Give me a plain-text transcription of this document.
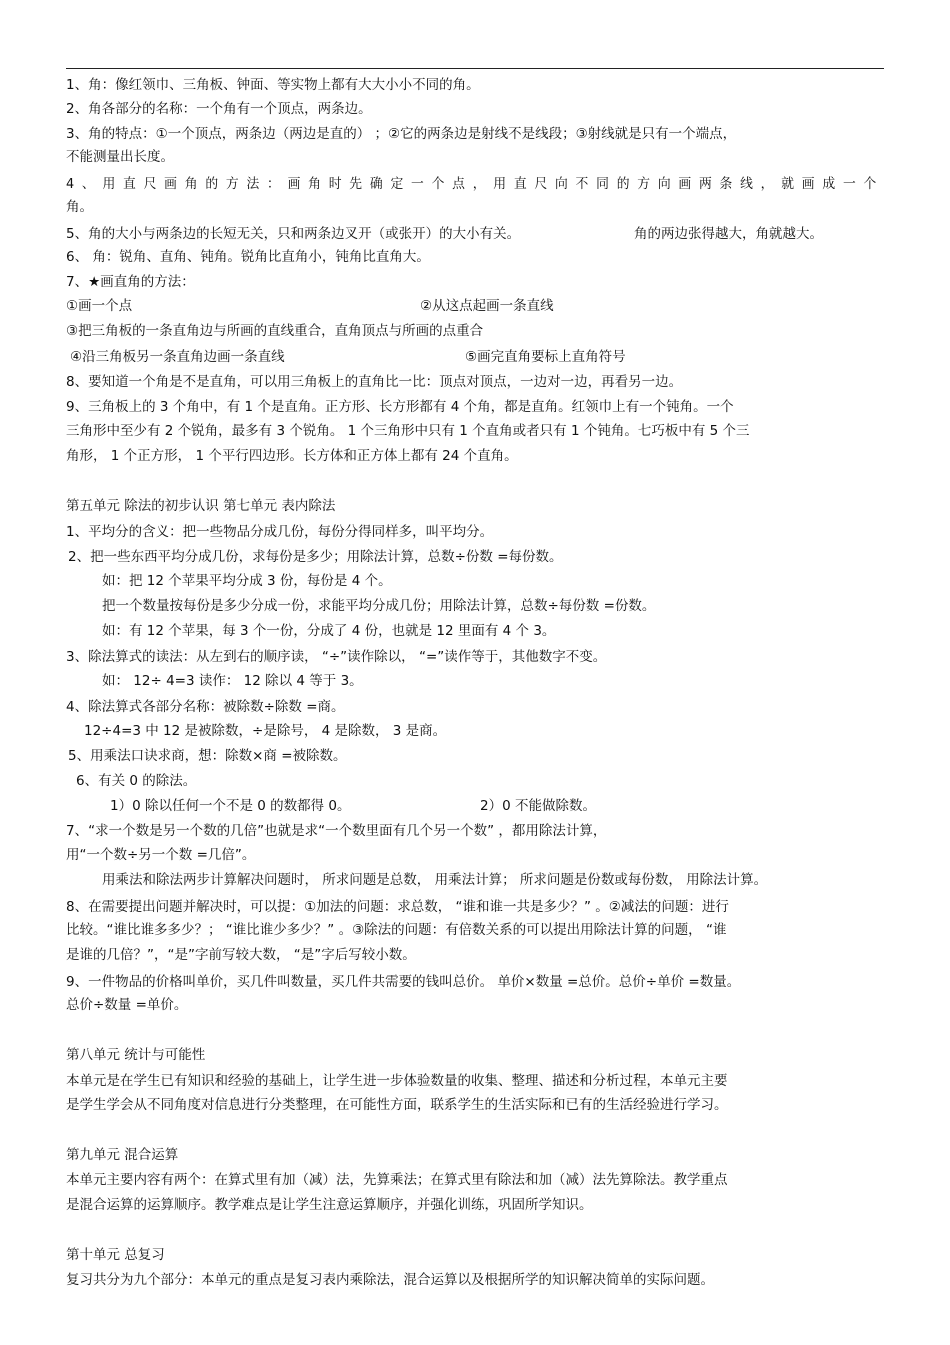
1、角：像红领巾、三角板、钟面、等实物上都有大大小小不同的角。
2、角各部分的名称：一个角有一个顶点，两条边。
3、角的特点：①一个顶点，两条边（两边是直的） ；②它的两条边是射线不是线段；③射线就是只有一个端点，
不能测量出长度。
4、用直尺画角的方法：画角时先确定一个点，用直尺向不同的方向画两条线，就画成一个
角。
5、角的大小与两条边的长短无关，只和两条边叉开（或张开）的大小有关。	角的两边张得越大，角就越大。
6、 角：锐角、直角、钝角。锐角比直角小，钝角比直角大。
7、★画直角的方法：
①画一个点	②从这点起画一条直线
③把三角板的一条直角边与所画的直线重合，直角顶点与所画的点重合
④沿三角板另一条直角边画一条直线	⑤画完直角要标上直角符号
8、要知道一个角是不是直角，可以用三角板上的直角比一比：顶点对顶点，一边对一边，再看另一边。
9、三角板上的 3 个角中，有 1 个是直角。正方形、长方形都有 4 个角，都是直角。红领巾上有一个钝角。一个
三角形中至少有 2 个锐角，最多有 3 个锐角。 1 个三角形中只有 1 个直角或者只有 1 个钝角。七巧板中有 5 个三
角形， 1 个正方形， 1 个平行四边形。长方体和正方体上都有 24 个直角。
第五单元 除法的初步认识 第七单元 表内除法
1、平均分的含义：把一些物品分成几份，每份分得同样多，叫平均分。
2、把一些东西平均分成几份，求每份是多少；用除法计算，总数÷份数 =每份数。
如：把 12 个苹果平均分成 3 份，每份是 4 个。
把一个数量按每份是多少分成一份，求能平均分成几份；用除法计算，总数÷每份数 =份数。
如：有 12 个苹果，每 3 个一份，分成了 4 份，也就是 12 里面有 4 个 3。
3、除法算式的读法：从左到右的顺序读， “÷”读作除以， “=”读作等于，其他数字不变。
如： 12÷ 4=3 读作： 12 除以 4 等于 3。
4、除法算式各部分名称：被除数÷除数 =商。
12÷4=3 中 12 是被除数，÷是除号， 4 是除数， 3 是商。
5、用乘法口诀求商，想：除数×商 =被除数。
6、有关 0 的除法。
1）0 除以任何一个不是 0 的数都得 0。	2）0 不能做除数。
7、“求一个数是另一个数的几倍”也就是求“一个数里面有几个另一个数” ，都用除法计算，
用“一个数÷另一个数 =几倍”。
用乘法和除法两步计算解决问题时， 所求问题是总数， 用乘法计算； 所求问题是份数或每份数， 用除法计算。
8、在需要提出问题并解决时，可以提：①加法的问题：求总数， “谁和谁一共是多少？” 。②减法的问题：进行
比较。“谁比谁多多少？； “谁比谁少多少？” 。③除法的问题：有倍数关系的可以提出用除法计算的问题， “谁
是谁的几倍？”，“是”字前写较大数， “是”字后写较小数。
9、一件物品的价格叫单价，买几件叫数量，买几件共需要的钱叫总价。 单价×数量 =总价。总价÷单价 =数量。
总价÷数量 =单价。
第八单元 统计与可能性
本单元是在学生已有知识和经验的基础上，让学生进一步体验数量的收集、整理、描述和分析过程，本单元主要
是学生学会从不同角度对信息进行分类整理，在可能性方面，联系学生的生活实际和已有的生活经验进行学习。
第九单元 混合运算
本单元主要内容有两个：在算式里有加（减）法，先算乘法；在算式里有除法和加（减）法先算除法。教学重点
是混合运算的运算顺序。教学难点是让学生注意运算顺序，并强化训练，巩固所学知识。
第十单元 总复习
复习共分为九个部分：本单元的重点是复习表内乘除法，混合运算以及根据所学的知识解决简单的实际问题。
